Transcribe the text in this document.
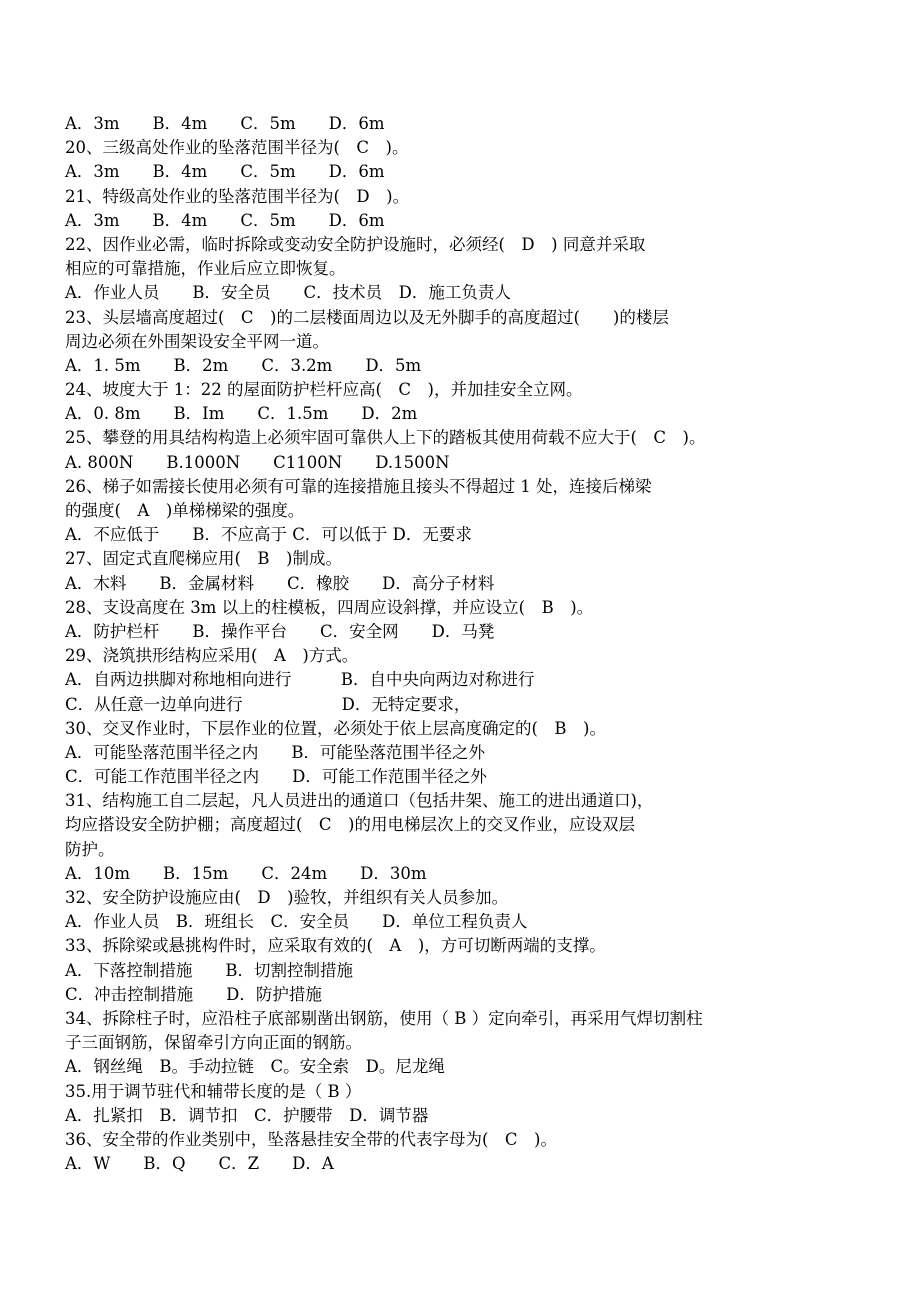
A．3m　　B．4m　　C．5m　　D．6m
20、三级高处作业的坠落范围半径为(　C　)。
A．3m　　B．4m　　C．5m　　D．6m
21、特级高处作业的坠落范围半径为(　D　)。
A．3m　　B．4m　　C．5m　　D．6m
22、因作业必需，临时拆除或变动安全防护设施时，必须经(　D　) 同意并采取
相应的可靠措施，作业后应立即恢复。
A．作业人员　　B．安全员　　C．技术员　D．施工负责人
23、头层墙高度超过(　C　)的二层楼面周边以及无外脚手的高度超过(　　)的楼层
周边必须在外围架设安全平网一道。
A．1. 5m　　B．2m　　C．3.2m　　D．5m
24、坡度大于 1：22 的屋面防护栏杆应高(　C　)，并加挂安全立网。
A．0. 8m　　B．Im　　C．1.5m　　D．2m
25、攀登的用具结构构造上必须牢固可靠供人上下的踏板其使用荷载不应大于(　C　)。
A. 800N　　B.1000N　　C1100N　　D.1500N
26、梯子如需接长使用必须有可靠的连接措施且接头不得超过 1 处，连接后梯梁
的强度(　A　)单梯梯梁的强度。
A．不应低于　　B．不应高于 C．可以低于 D．无要求
27、固定式直爬梯应用(　B　)制成。
A．木料　　B．金属材料　　C．橡胶　　D．高分子材料
28、支设高度在 3m 以上的柱模板，四周应设斜撑，并应设立(　B　)。
A．防护栏杆　　B．操作平台　　C．安全网　　D．马凳
29、浇筑拱形结构应采用(　A　)方式。
A．自两边拱脚对称地相向进行　　　B．自中央向两边对称进行
C．从任意一边单向进行　　　　　　D．无特定要求，
30、交叉作业时，下层作业的位置，必须处于依上层高度确定的(　B　)。
A．可能坠落范围半径之内　　B．可能坠落范围半径之外
C．可能工作范围半径之内　　D．可能工作范围半径之外
31、结构施工自二层起，凡人员进出的通道口（包括井架、施工的进出通道口)，
均应搭设安全防护棚；高度超过(　C　)的用电梯层次上的交叉作业，应设双层
防护。
A．10m　　B．15m　　C．24m　　D．30m
32、安全防护设施应由(　D　)验牧，并组织有关人员参加。
A．作业人员　B．班组长　C．安全员　　D．单位工程负责人
33、拆除梁或悬挑构件时，应采取有效的(　A　)，方可切断两端的支撑。
A．下落控制措施　　B．切割控制措施
C．冲击控制措施　　D．防护措施
34、拆除柱子时，应沿柱子底部剔凿出钢筋，使用（ B ）定向牵引，再采用气焊切割柱
子三面钢筋，保留牵引方向正面的钢筋。
A．钢丝绳　B。手动拉链　C。安全索　D。尼龙绳
35.用于调节驻代和辅带长度的是（ B ）
A．扎紧扣　B．调节扣　C．护腰带　D．调节器
36、安全带的作业类别中，坠落悬挂安全带的代表字母为(　C　)。
A．W　　B．Q　　C．Z　　D．A
